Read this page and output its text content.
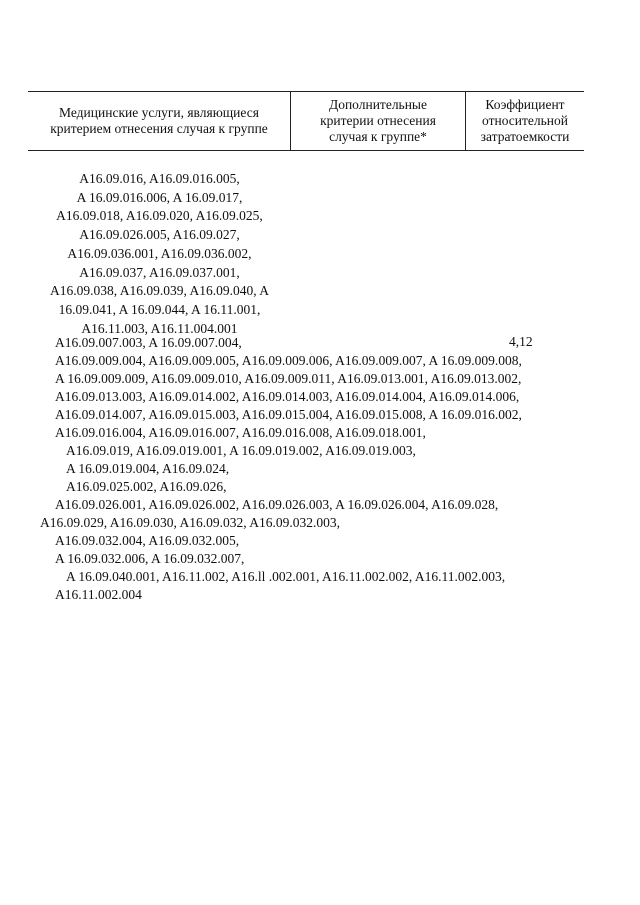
Медицинские услуги, являющиеся
критерием отнесения случая к группе
Дополнительные
критерии отнесения
случая к группе*
Коэффициент
относительной
затратоемкости
A16.09.016, A16.09.016.005,
A 16.09.016.006, A 16.09.017,
A16.09.018, A16.09.020, A16.09.025,
A16.09.026.005, A16.09.027,
A16.09.036.001, A16.09.036.002,
A16.09.037, A16.09.037.001,
A16.09.038, A16.09.039, A16.09.040, A
16.09.041, A 16.09.044, A 16.11.001,
A16.11.003, A16.11.004.001
A16.09.007.003, A 16.09.007.004,
A16.09.009.004, A16.09.009.005, A16.09.009.006, A16.09.009.007, A 16.09.009.008,
A 16.09.009.009, A16.09.009.010, A16.09.009.011, A16.09.013.001, A16.09.013.002,
A16.09.013.003, A16.09.014.002, A16.09.014.003, A16.09.014.004, A16.09.014.006,
A16.09.014.007, A16.09.015.003, A16.09.015.004, A16.09.015.008, A 16.09.016.002,
A16.09.016.004, A16.09.016.007, A16.09.016.008, A16.09.018.001,
A16.09.019, A16.09.019.001, A 16.09.019.002, A16.09.019.003,
A 16.09.019.004, A16.09.024,
A16.09.025.002, A16.09.026,
A16.09.026.001, A16.09.026.002, A16.09.026.003, A 16.09.026.004, A16.09.028,
A16.09.029, A16.09.030, A16.09.032, A16.09.032.003,
A16.09.032.004, A16.09.032.005,
A 16.09.032.006, A 16.09.032.007,
A 16.09.040.001, A16.11.002, A16.ll .002.001, A16.11.002.002, A16.11.002.003,
A16.11.002.004
4,12
